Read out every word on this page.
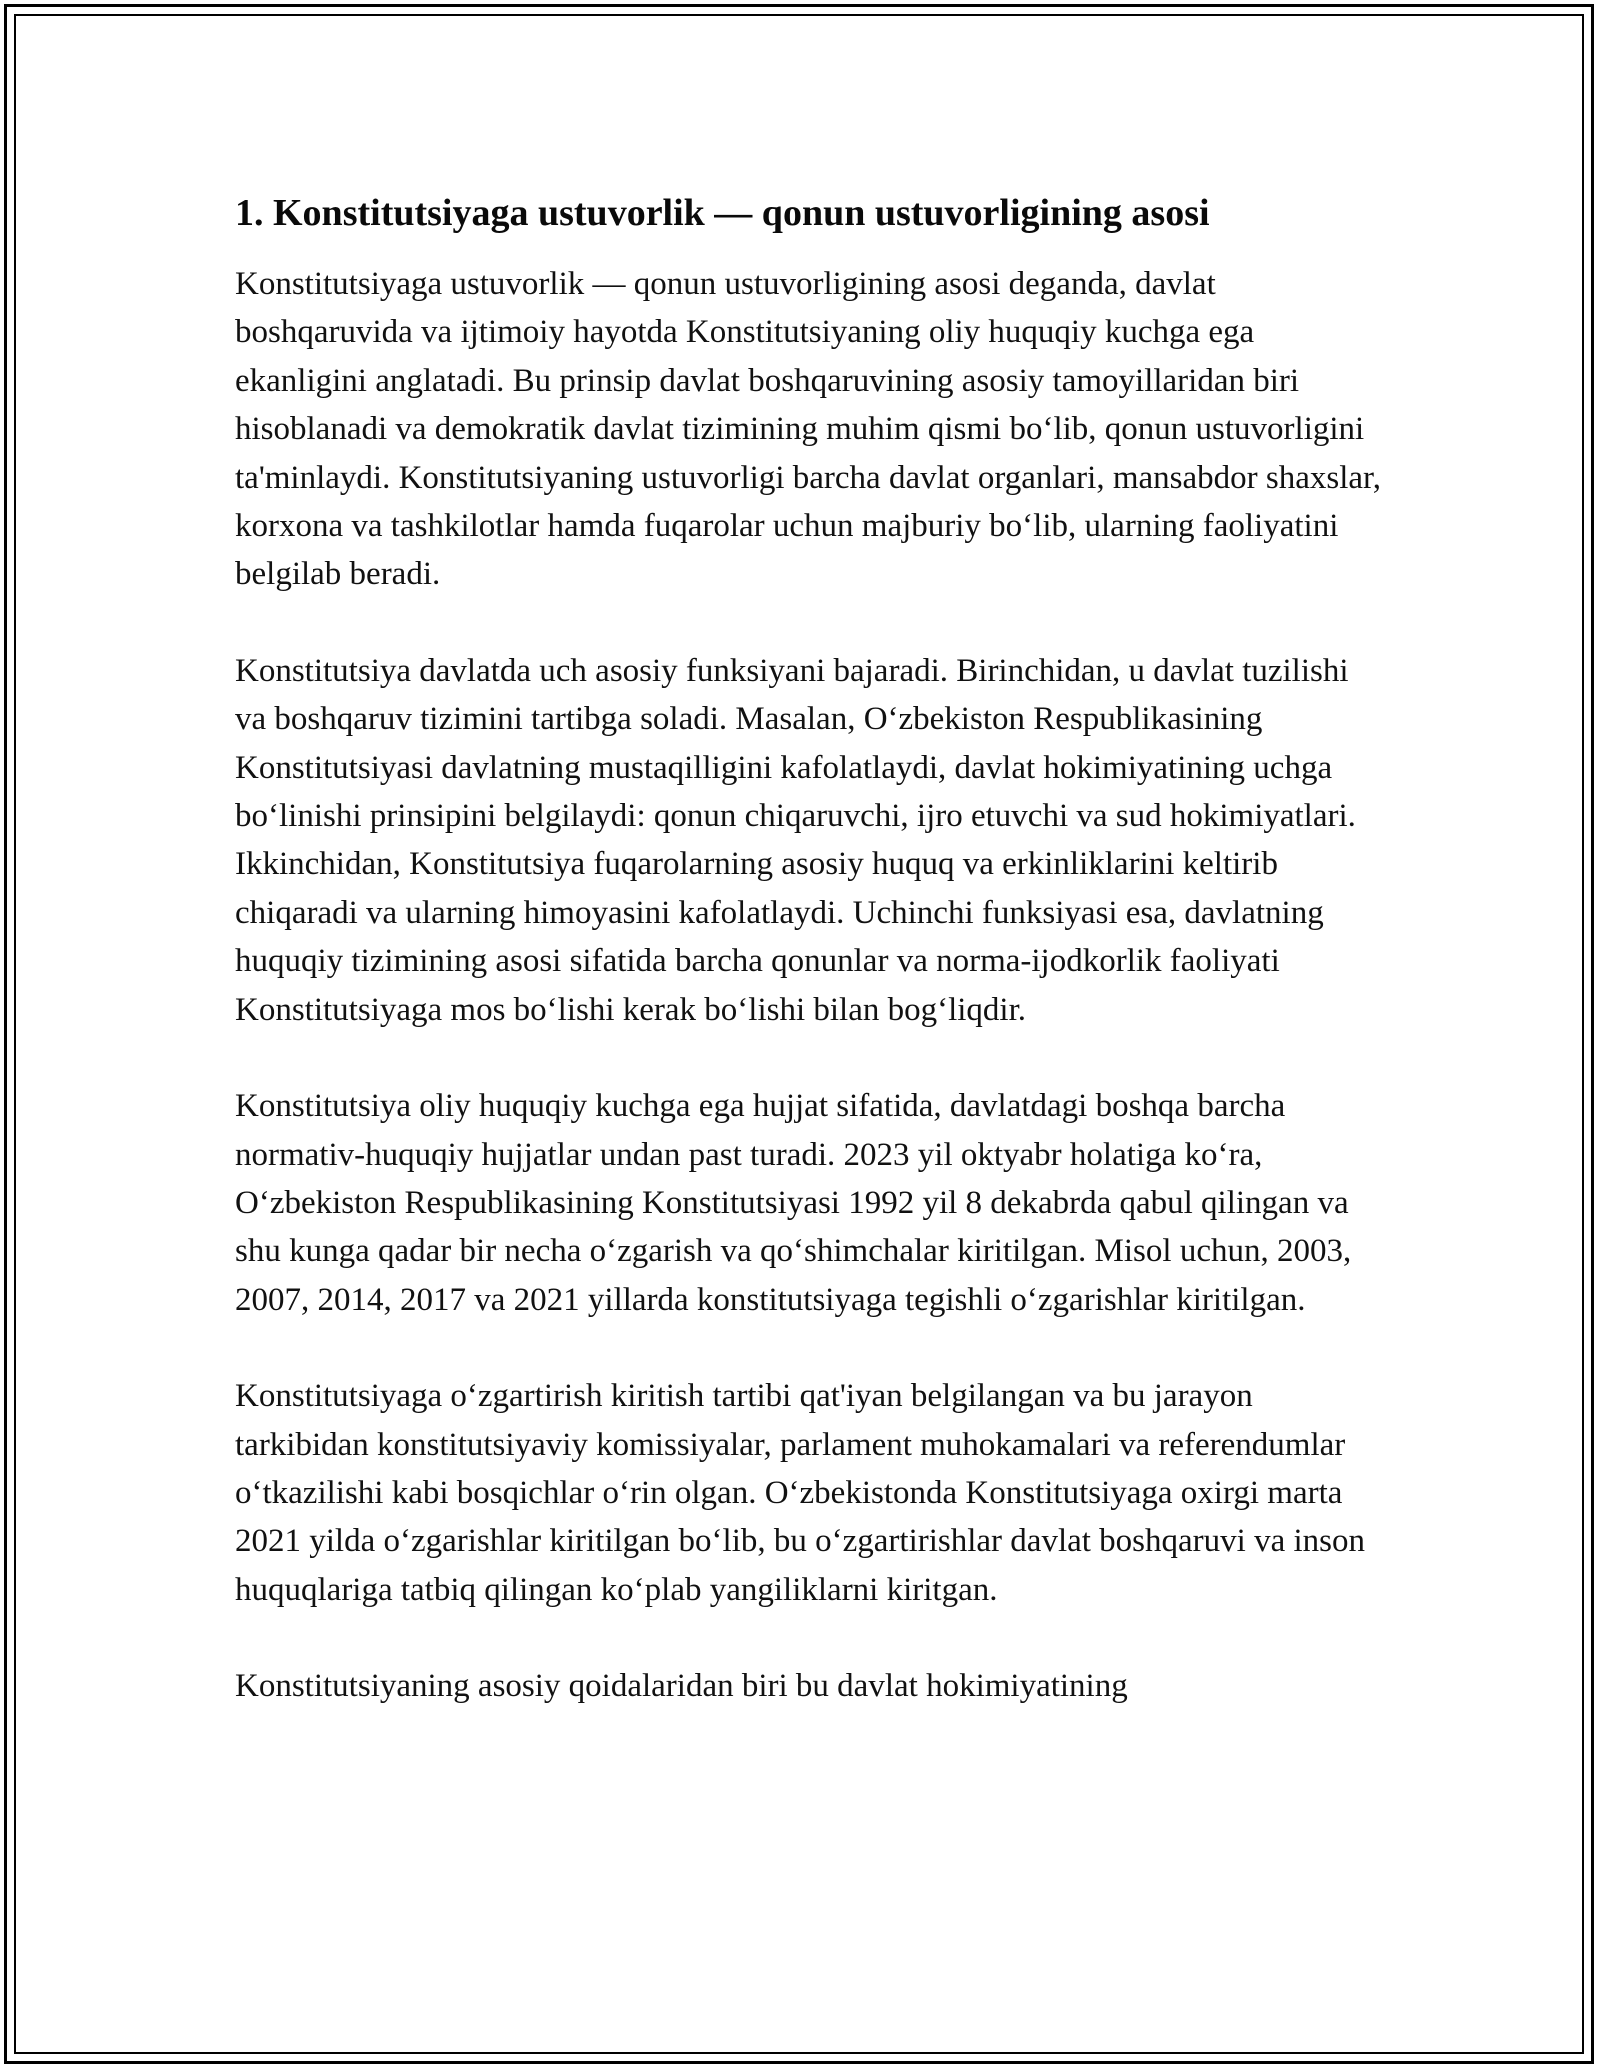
1. Konstitutsiyaga ustuvorlik — qonun ustuvorligining asosi

Konstitutsiyaga ustuvorlik — qonun ustuvorligining asosi deganda, davlat boshqaruvida va ijtimoiy hayotda Konstitutsiyaning oliy huquqiy kuchga ega ekanligini anglatadi. Bu prinsip davlat boshqaruvining asosiy tamoyillaridan biri hisoblanadi va demokratik davlat tizimining muhim qismi bo‘lib, qonun ustuvorligini ta'minlaydi. Konstitutsiyaning ustuvorligi barcha davlat organlari, mansabdor shaxslar, korxona va tashkilotlar hamda fuqarolar uchun majburiy bo‘lib, ularning faoliyatini belgilab beradi.

Konstitutsiya davlatda uch asosiy funksiyani bajaradi. Birinchidan, u davlat tuzilishi va boshqaruv tizimini tartibga soladi. Masalan, O‘zbekiston Respublikasining Konstitutsiyasi davlatning mustaqilligini kafolatlaydi, davlat hokimiyatining uchga bo‘linishi prinsipini belgilaydi: qonun chiqaruvchi, ijro etuvchi va sud hokimiyatlari. Ikkinchidan, Konstitutsiya fuqarolarning asosiy huquq va erkinliklarini keltirib chiqaradi va ularning himoyasini kafolatlaydi. Uchinchi funksiyasi esa, davlatning huquqiy tizimining asosi sifatida barcha qonunlar va norma-ijodkorlik faoliyati Konstitutsiyaga mos bo‘lishi kerak bo‘lishi bilan bog‘liqdir.

Konstitutsiya oliy huquqiy kuchga ega hujjat sifatida, davlatdagi boshqa barcha normativ-huquqiy hujjatlar undan past turadi. 2023 yil oktyabr holatiga ko‘ra, O‘zbekiston Respublikasining Konstitutsiyasi 1992 yil 8 dekabrda qabul qilingan va shu kunga qadar bir necha o‘zgarish va qo‘shimchalar kiritilgan. Misol uchun, 2003, 2007, 2014, 2017 va 2021 yillarda konstitutsiyaga tegishli o‘zgarishlar kiritilgan.

Konstitutsiyaga o‘zgartirish kiritish tartibi qat'iyan belgilangan va bu jarayon tarkibidan konstitutsiyaviy komissiyalar, parlament muhokamalari va referendumlar o‘tkazilishi kabi bosqichlar o‘rin olgan. O‘zbekistonda Konstitutsiyaga oxirgi marta 2021 yilda o‘zgarishlar kiritilgan bo‘lib, bu o‘zgartirishlar davlat boshqaruvi va inson huquqlariga tatbiq qilingan ko‘plab yangiliklarni kiritgan.

Konstitutsiyaning asosiy qoidalaridan biri bu davlat hokimiyatining
